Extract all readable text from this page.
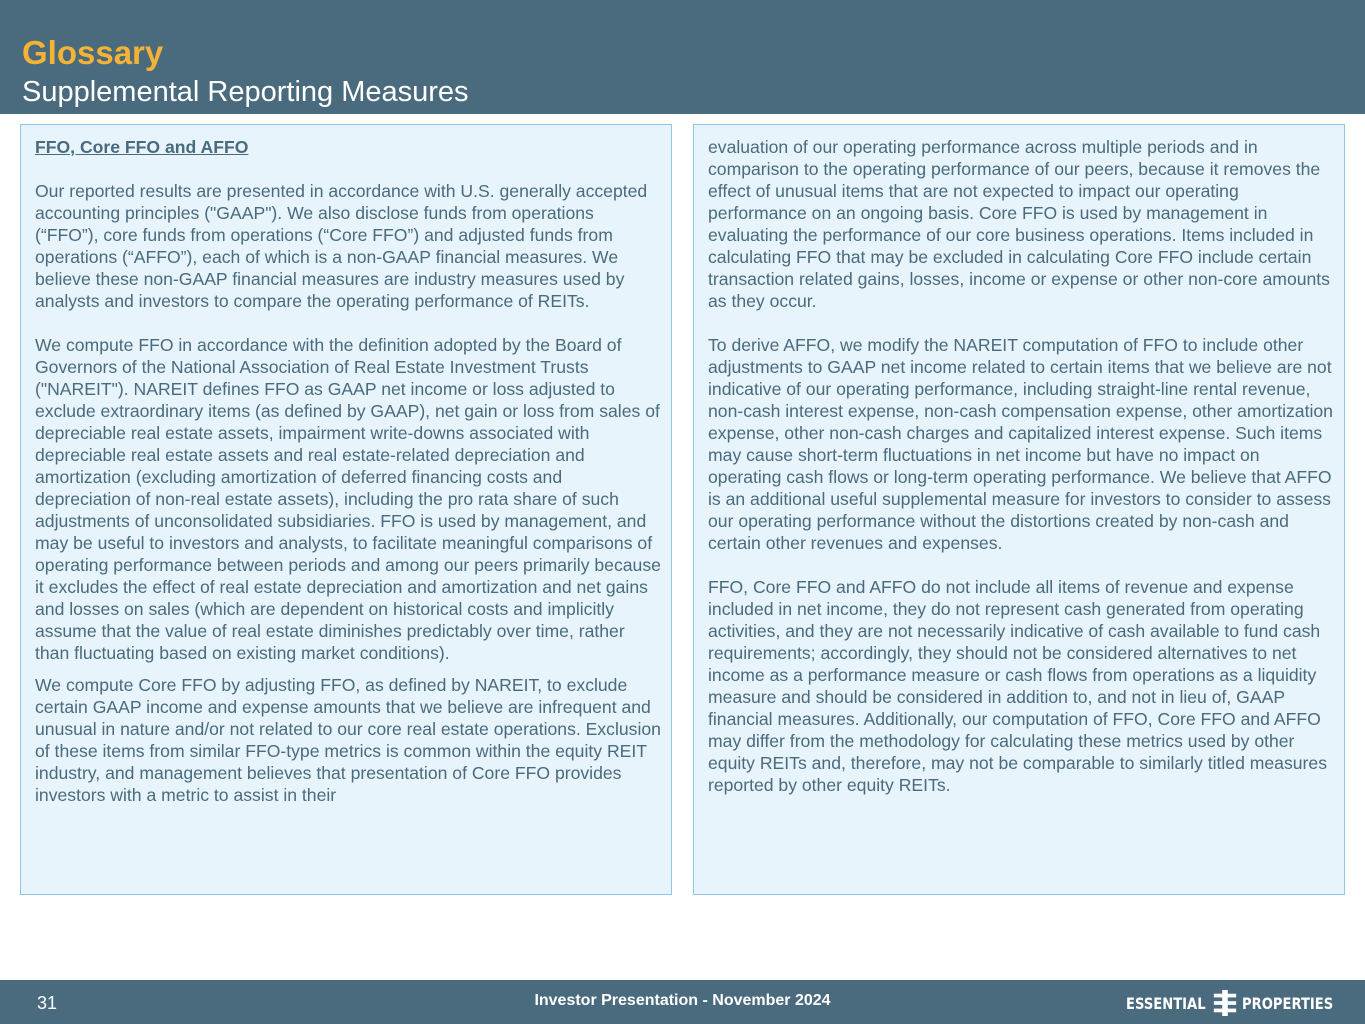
Glossary
Supplemental Reporting Measures
FFO, Core FFO and AFFO

Our reported results are presented in accordance with U.S. generally accepted accounting principles ("GAAP"). We also disclose funds from operations (“FFO”), core funds from operations (“Core FFO”) and adjusted funds from operations (“AFFO”), each of which is a non-GAAP financial measures. We believe these non-GAAP financial measures are industry measures used by analysts and investors to compare the operating performance of REITs.

We compute FFO in accordance with the definition adopted by the Board of Governors of the National Association of Real Estate Investment Trusts ("NAREIT"). NAREIT defines FFO as GAAP net income or loss adjusted to exclude extraordinary items (as defined by GAAP), net gain or loss from sales of depreciable real estate assets, impairment write-downs associated with depreciable real estate assets and real estate-related depreciation and amortization (excluding amortization of deferred financing costs and depreciation of non-real estate assets), including the pro rata share of such adjustments of unconsolidated subsidiaries. FFO is used by management, and may be useful to investors and analysts, to facilitate meaningful comparisons of operating performance between periods and among our peers primarily because it excludes the effect of real estate depreciation and amortization and net gains and losses on sales (which are dependent on historical costs and implicitly assume that the value of real estate diminishes predictably over time, rather than fluctuating based on existing market conditions).

We compute Core FFO by adjusting FFO, as defined by NAREIT, to exclude certain GAAP income and expense amounts that we believe are infrequent and unusual in nature and/or not related to our core real estate operations. Exclusion of these items from similar FFO-type metrics is common within the equity REIT industry, and management believes that presentation of Core FFO provides investors with a metric to assist in their

evaluation of our operating performance across multiple periods and in comparison to the operating performance of our peers, because it removes the effect of unusual items that are not expected to impact our operating performance on an ongoing basis. Core FFO is used by management in evaluating the performance of our core business operations. Items included in calculating FFO that may be excluded in calculating Core FFO include certain transaction related gains, losses, income or expense or other non-core amounts as they occur.

To derive AFFO, we modify the NAREIT computation of FFO to include other adjustments to GAAP net income related to certain items that we believe are not indicative of our operating performance, including straight-line rental revenue, non-cash interest expense, non-cash compensation expense, other amortization expense, other non-cash charges and capitalized interest expense. Such items may cause short-term fluctuations in net income but have no impact on operating cash flows or long-term operating performance. We believe that AFFO is an additional useful supplemental measure for investors to consider to assess our operating performance without the distortions created by non-cash and certain other revenues and expenses.

FFO, Core FFO and AFFO do not include all items of revenue and expense included in net income, they do not represent cash generated from operating activities, and they are not necessarily indicative of cash available to fund cash requirements; accordingly, they should not be considered alternatives to net income as a performance measure or cash flows from operations as a liquidity measure and should be considered in addition to, and not in lieu of, GAAP financial measures. Additionally, our computation of FFO, Core FFO and AFFO may differ from the methodology for calculating these metrics used by other equity REITs and, therefore, may not be comparable to similarly titled measures reported by other equity REITs.

31	Investor Presentation - November 2024	ESSENTIAL PROPERTIES
